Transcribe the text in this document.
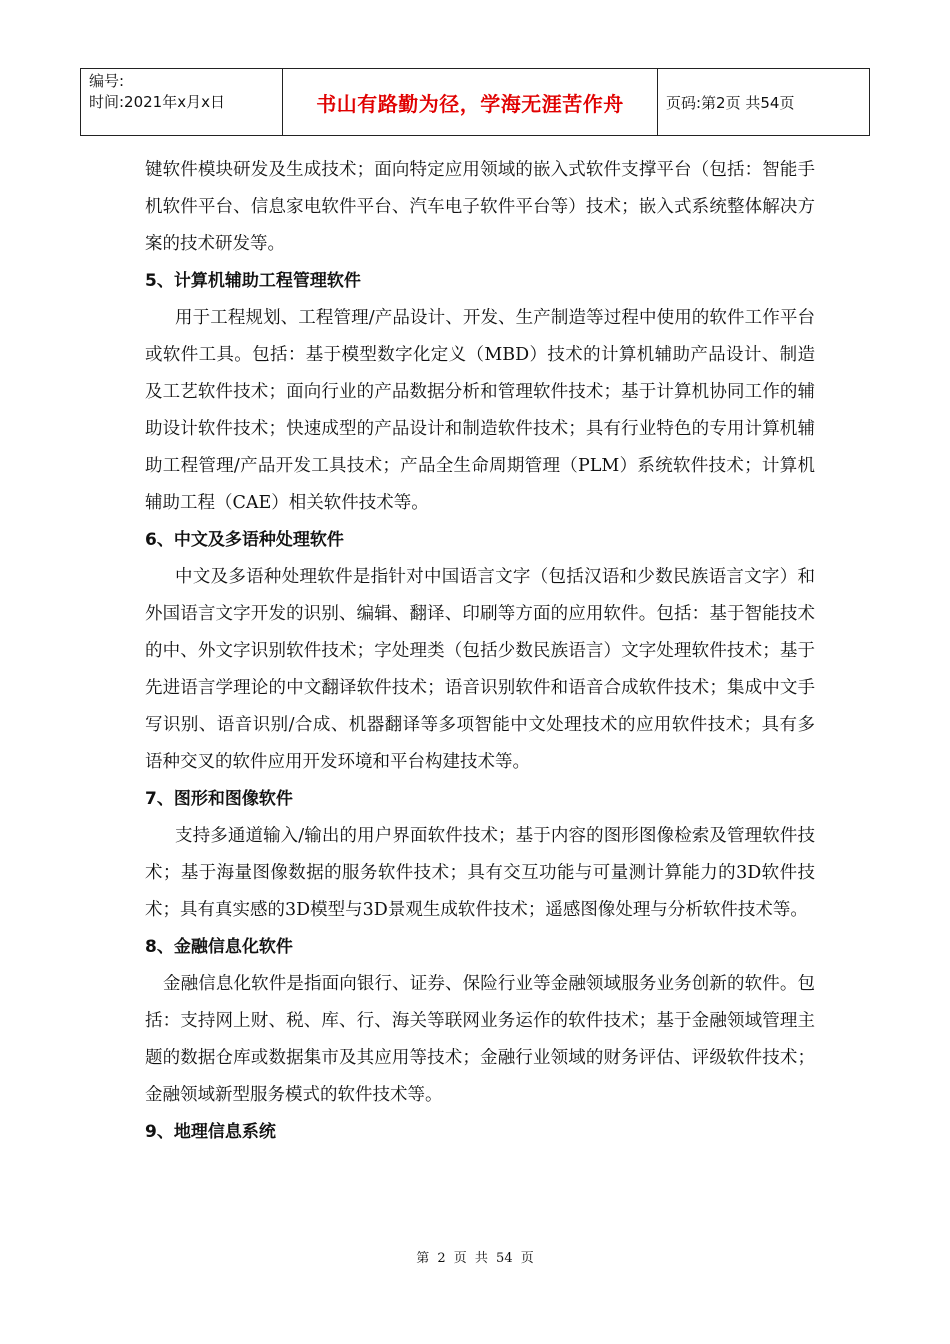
编号:
时间:2021年x月x日	书山有路勤为径，学海无涯苦作舟	页码:第2页 共54页

键软件模块研发及生成技术；面向特定应用领域的嵌入式软件支撑平台（包括：智能手机软件平台、信息家电软件平台、汽车电子软件平台等）技术；嵌入式系统整体解决方案的技术研发等。

5、计算机辅助工程管理软件

用于工程规划、工程管理/产品设计、开发、生产制造等过程中使用的软件工作平台或软件工具。包括：基于模型数字化定义（MBD）技术的计算机辅助产品设计、制造及工艺软件技术；面向行业的产品数据分析和管理软件技术；基于计算机协同工作的辅助设计软件技术；快速成型的产品设计和制造软件技术；具有行业特色的专用计算机辅助工程管理/产品开发工具技术；产品全生命周期管理（PLM）系统软件技术；计算机辅助工程（CAE）相关软件技术等。

6、中文及多语种处理软件

中文及多语种处理软件是指针对中国语言文字（包括汉语和少数民族语言文字）和外国语言文字开发的识别、编辑、翻译、印刷等方面的应用软件。包括：基于智能技术的中、外文字识别软件技术；字处理类（包括少数民族语言）文字处理软件技术；基于先进语言学理论的中文翻译软件技术；语音识别软件和语音合成软件技术；集成中文手写识别、语音识别/合成、机器翻译等多项智能中文处理技术的应用软件技术；具有多语种交叉的软件应用开发环境和平台构建技术等。

7、图形和图像软件

支持多通道输入/输出的用户界面软件技术；基于内容的图形图像检索及管理软件技术；基于海量图像数据的服务软件技术；具有交互功能与可量测计算能力的3D软件技术；具有真实感的3D模型与3D景观生成软件技术；遥感图像处理与分析软件技术等。

8、金融信息化软件

金融信息化软件是指面向银行、证券、保险行业等金融领域服务业务创新的软件。包括：支持网上财、税、库、行、海关等联网业务运作的软件技术；基于金融领域管理主题的数据仓库或数据集市及其应用等技术；金融行业领域的财务评估、评级软件技术；金融领域新型服务模式的软件技术等。

9、地理信息系统

第 2 页 共 54 页
